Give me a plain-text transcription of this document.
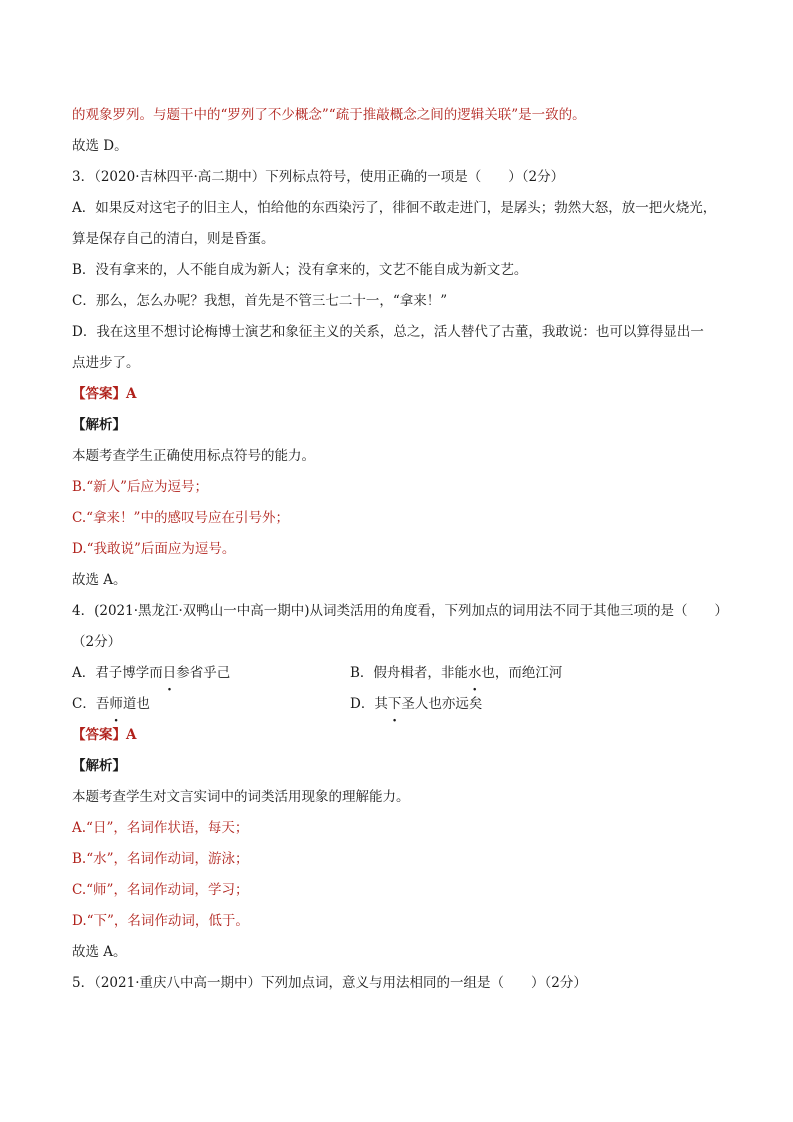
的观象罗列。与题干中的“罗列了不少概念”“疏于推敲概念之间的逻辑关联”是一致的。
故选 D。
3．（2020·吉林四平·高二期中）下列标点符号，使用正确的一项是（　　）（2分）
A．如果反对这宅子的旧主人，怕给他的东西染污了，徘徊不敢走进门，是孱头；勃然大怒，放一把火烧光，
算是保存自己的清白，则是昏蛋。
B．没有拿来的，人不能自成为新人；没有拿来的，文艺不能自成为新文艺。
C．那么，怎么办呢？我想，首先是不管三七二十一，“拿来！”
D．我在这里不想讨论梅博士演艺和象征主义的关系，总之，活人替代了古董，我敢说：也可以算得显出一
点进步了。
【答案】A
【解析】
本题考查学生正确使用标点符号的能力。
B.“新人”后应为逗号；
C.“拿来！”中的感叹号应在引号外；
D.“我敢说”后面应为逗号。
故选 A。
4．(2021·黑龙江·双鸭山一中高一期中)从词类活用的角度看，下列加点的词用法不同于其他三项的是（　　）
（2分）
A．君子博学而日参省乎己	B．假舟楫者，非能水也，而绝江河
C．吾师道也	D．其下圣人也亦远矣
【答案】A
【解析】
本题考查学生对文言实词中的词类活用现象的理解能力。
A.“日”，名词作状语，每天；
B.“水”，名词作动词，游泳；
C.“师”，名词作动词，学习；
D.“下”，名词作动词，低于。
故选 A。
5．（2021·重庆八中高一期中）下列加点词，意义与用法相同的一组是（　　）（2分）
